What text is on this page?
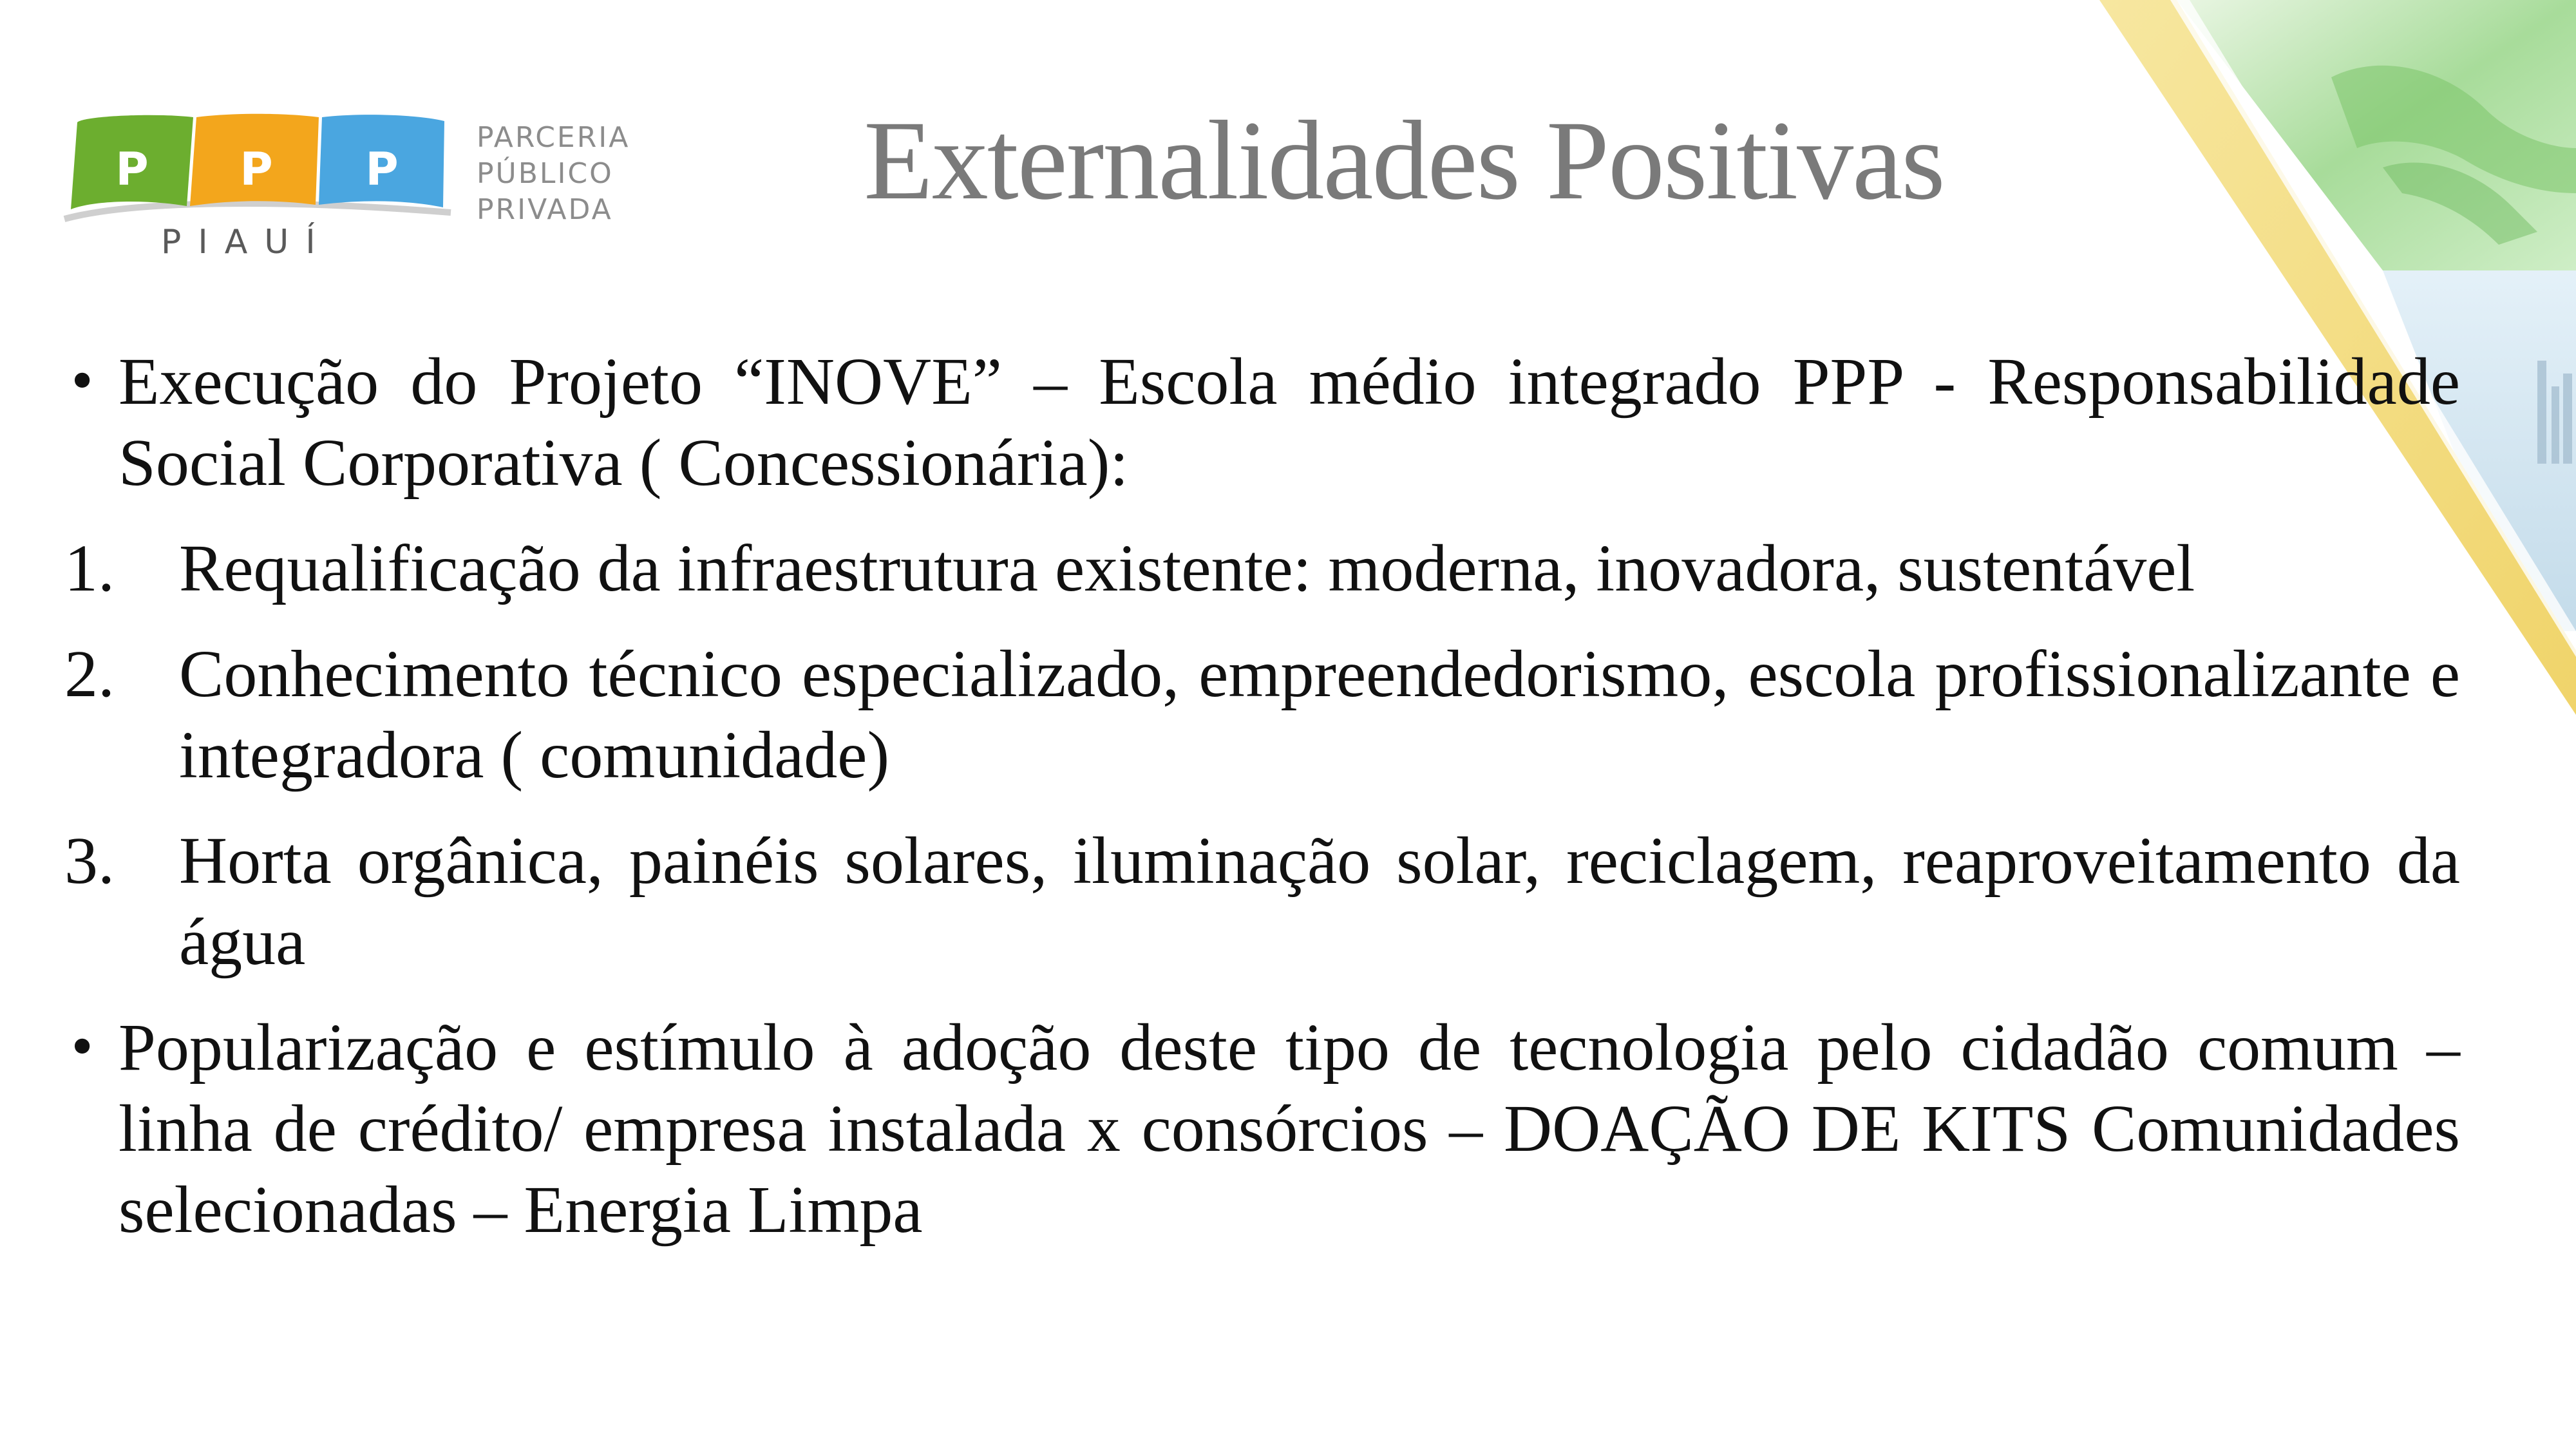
P	P	P
PIAUÍ
PARCERIA
PÚBLICO
PRIVADA	Externalidades Positivas
• Execução do Projeto “INOVE” – Escola médio integrado PPP - Responsabilidade Social Corporativa ( Concessionária):
1. Requalificação da infraestrutura existente: moderna, inovadora, sustentável
2. Conhecimento técnico especializado, empreendedorismo, escola profissionalizante e integradora ( comunidade)
3. Horta orgânica, painéis solares, iluminação solar, reciclagem, reaproveitamento da água
• Popularização e estímulo à adoção deste tipo de tecnologia pelo cidadão comum – linha de crédito/ empresa instalada x consórcios – DOAÇÃO DE KITS Comunidades selecionadas – Energia Limpa
